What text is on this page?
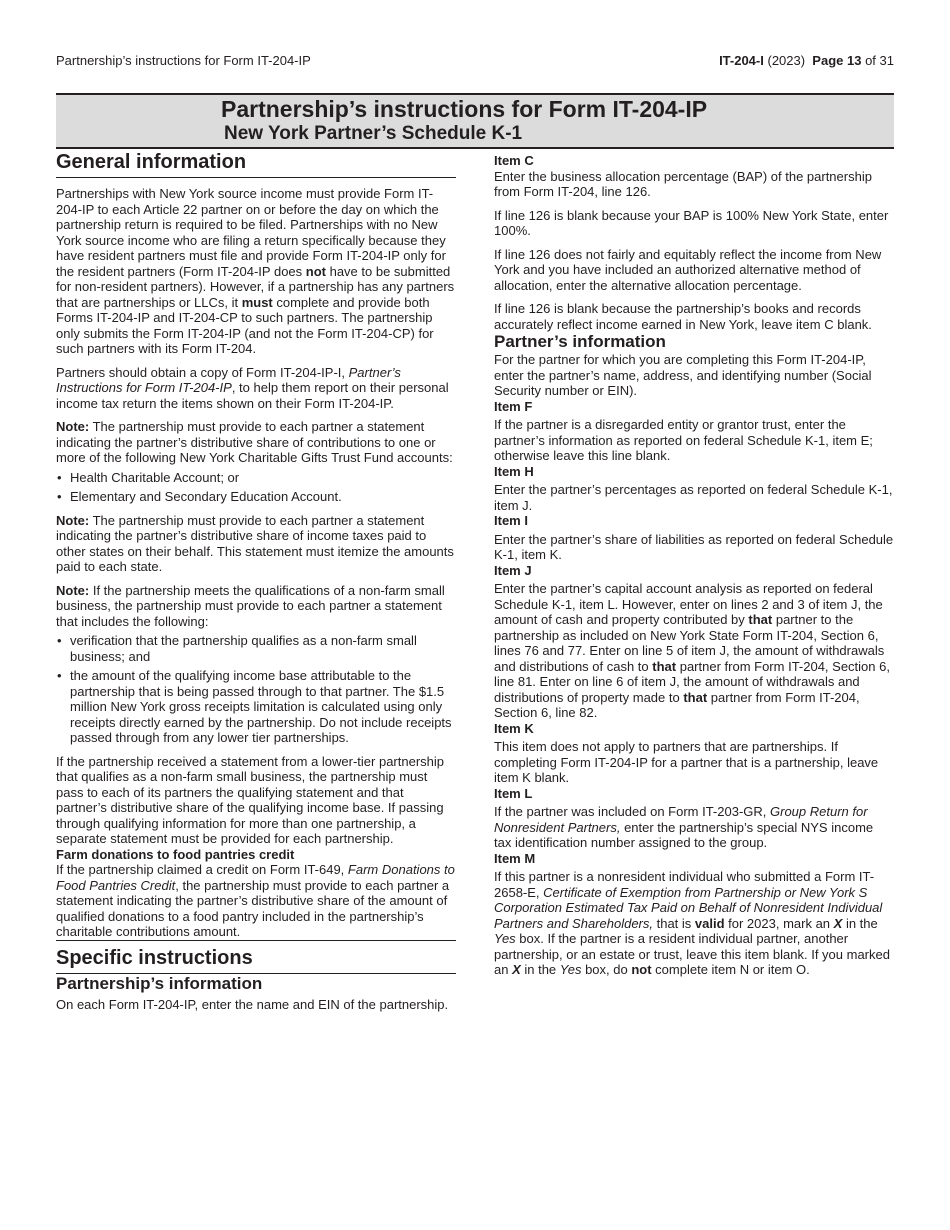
Partnership’s instructions for Form IT-204-IP	IT-204-I (2023) Page 13 of 31
Partnership’s instructions for Form IT-204-IP
New York Partner’s Schedule K-1
General information

Partnerships with New York source income must provide Form IT-204-IP to each Article 22 partner on or before the day on which the partnership return is required to be filed. Partnerships with no New York source income who are filing a return specifically because they have resident partners must file and provide Form IT-204-IP only for the resident partners (Form IT-204-IP does not have to be submitted for non-resident partners). However, if a partnership has any partners that are partnerships or LLCs, it must complete and provide both Forms IT-204-IP and IT-204-CP to such partners. The partnership only submits the Form IT-204-IP (and not the Form IT-204-CP) for such partners with its Form IT-204.

Partners should obtain a copy of Form IT-204-IP-I, Partner’s Instructions for Form IT-204-IP, to help them report on their personal income tax return the items shown on their Form IT-204-IP.

Note: The partnership must provide to each partner a statement indicating the partner’s distributive share of contributions to one or more of the following New York Charitable Gifts Trust Fund accounts:

• Health Charitable Account; or
• Elementary and Secondary Education Account.

Note: The partnership must provide to each partner a statement indicating the partner’s distributive share of income taxes paid to other states on their behalf. This statement must itemize the amounts paid to each state.

Note: If the partnership meets the qualifications of a non-farm small business, the partnership must provide to each partner a statement that includes the following:

• verification that the partnership qualifies as a non-farm small business; and
• the amount of the qualifying income base attributable to the partnership that is being passed through to that partner. The $1.5 million New York gross receipts limitation is calculated using only receipts directly earned by the partnership. Do not include receipts passed through from any lower tier partnerships.

If the partnership received a statement from a lower-tier partnership that qualifies as a non-farm small business, the partnership must pass to each of its partners the qualifying statement and that partner’s distributive share of the qualifying income base. If passing through qualifying information for more than one partnership, a separate statement must be provided for each partnership.

Farm donations to food pantries credit

If the partnership claimed a credit on Form IT-649, Farm Donations to Food Pantries Credit, the partnership must provide to each partner a statement indicating the partner’s distributive share of the amount of qualified donations to a food pantry included in the partnership’s charitable contributions amount.

Specific instructions
Partnership’s information

On each Form IT-204-IP, enter the name and EIN of the partnership.

Item C

Enter the business allocation percentage (BAP) of the partnership from Form IT-204, line 126.

If line 126 is blank because your BAP is 100% New York State, enter 100%.

If line 126 does not fairly and equitably reflect the income from New York and you have included an authorized alternative method of allocation, enter the alternative allocation percentage.

If line 126 is blank because the partnership’s books and records accurately reflect income earned in New York, leave item C blank.

Partner’s information

For the partner for which you are completing this Form IT-204-IP, enter the partner’s name, address, and identifying number (Social Security number or EIN).

Item F

If the partner is a disregarded entity or grantor trust, enter the partner’s information as reported on federal Schedule K-1, item E; otherwise leave this line blank.

Item H

Enter the partner’s percentages as reported on federal Schedule K-1, item J.

Item I

Enter the partner’s share of liabilities as reported on federal Schedule K-1, item K.

Item J

Enter the partner’s capital account analysis as reported on federal Schedule K-1, item L. However, enter on lines 2 and 3 of item J, the amount of cash and property contributed by that partner to the partnership as included on New York State Form IT-204, Section 6, lines 76 and 77. Enter on line 5 of item J, the amount of withdrawals and distributions of cash to that partner from Form IT-204, Section 6, line 81. Enter on line 6 of item J, the amount of withdrawals and distributions of property made to that partner from Form IT-204, Section 6, line 82.

Item K

This item does not apply to partners that are partnerships. If completing Form IT-204-IP for a partner that is a partnership, leave item K blank.

Item L

If the partner was included on Form IT-203-GR, Group Return for Nonresident Partners, enter the partnership’s special NYS income tax identification number assigned to the group.

Item M

If this partner is a nonresident individual who submitted a Form IT-2658-E, Certificate of Exemption from Partnership or New York S Corporation Estimated Tax Paid on Behalf of Nonresident Individual Partners and Shareholders, that is valid for 2023, mark an X in the Yes box. If the partner is a resident individual partner, another partnership, or an estate or trust, leave this item blank. If you marked an X in the Yes box, do not complete item N or item O.
